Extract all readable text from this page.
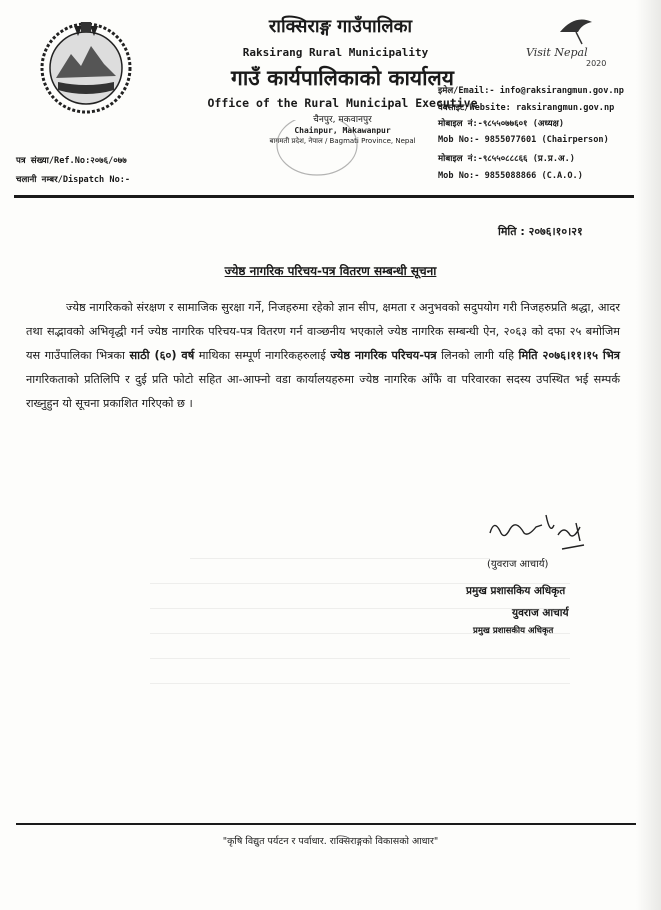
राक्सिराङ्ग गाउँपालिका
Raksirang Rural Municipality
गाउँ कार्यपालिकाको कार्यालय
Office of the Rural Municipal Executive
चैनपुर, मकवानपुर
Chainpur, Makawanpur
बागमती प्रदेश, नेपाल / Bagmati Province, Nepal
Visit Nepal
2020
इमेल/Email:- info@raksirangmun.gov.np
वेबसाइट/Website: raksirangmun.gov.np
मोबाइल नं:-९८५५०७७६०१ (अध्यक्ष)
Mob No:- 9855077601 (Chairperson)
मोबाइल नं:-९८५५०८८८६६ (प्र.प्र.अ.)
Mob No:- 9855088866 (C.A.O.)
पत्र संख्या/Ref.No:२०७६/०७७
चलानी नम्बर/Dispatch No:-
मिति : २०७६।१०।२१
ज्येष्ठ नागरिक परिचय-पत्र वितरण सम्बन्धी सूचना

ज्येष्ठ नागरिकको संरक्षण र सामाजिक सुरक्षा गर्ने, निजहरुमा रहेको ज्ञान सीप, क्षमता र अनुभवको सदुपयोग गरी निजहरुप्रति श्रद्धा, आदर तथा सद्भावको अभिवृद्धी गर्न ज्येष्ठ नागरिक परिचय-पत्र वितरण गर्न वाञ्छनीय भएकाले ज्येष्ठ नागरिक सम्बन्धी ऐन, २०६३ को दफा २५ बमोजिम यस गाउँपालिका भित्रका साठी (६०) वर्ष माथिका सम्पूर्ण नागरिकहरुलाई ज्येष्ठ नागरिक परिचय-पत्र लिनको लागी यहि मिति २०७६।११।१५ भित्र नागरिकताको प्रतिलिपि र दुई प्रति फोटो सहित आ-आफ्नो वडा कार्यालयहरुमा ज्येष्ठ नागरिक आँफै वा परिवारका सदस्य उपस्थित भई सम्पर्क राख्नुहुन यो सूचना प्रकाशित गरिएको छ ।

(युवराज आचार्य)
प्रमुख प्रशासकिय अधिकृत
युवराज आचार्य
प्रमुख प्रशासकीय अधिकृत
"कृषि विद्युत पर्यटन र पर्वाधार. राक्सिराङ्गको विकासको आधार"
